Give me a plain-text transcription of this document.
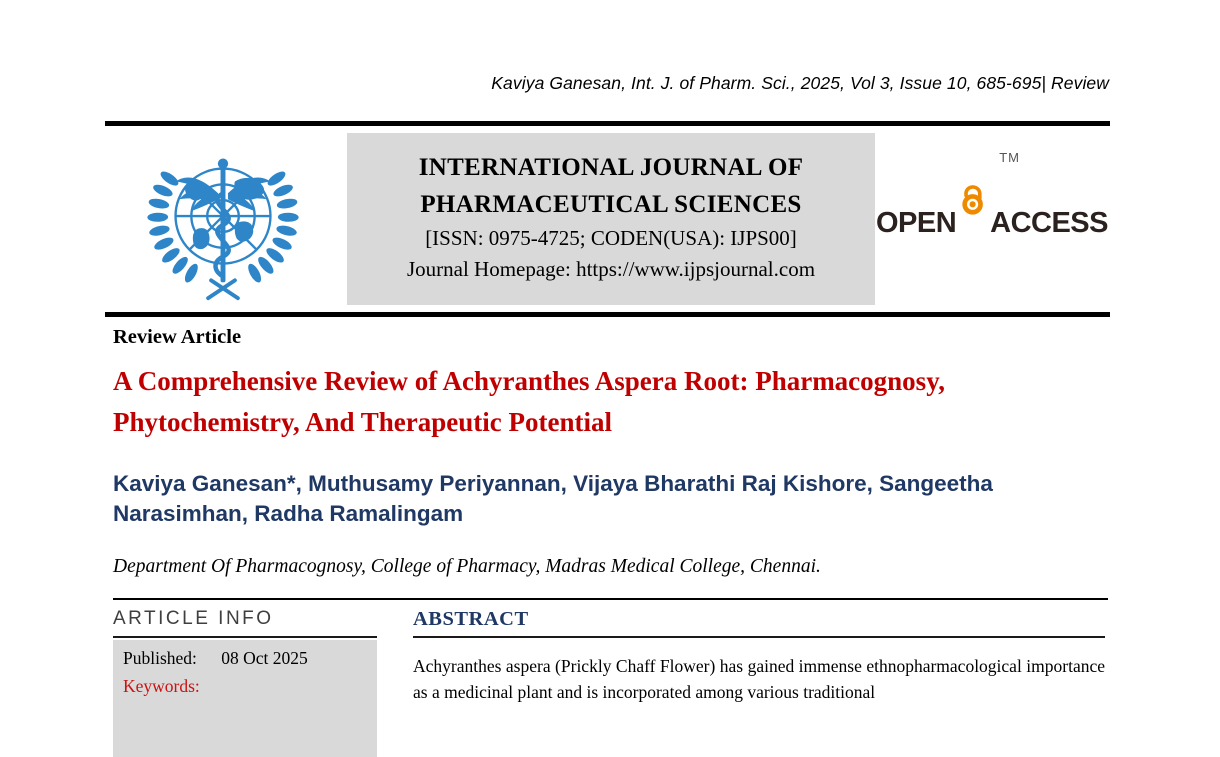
Kaviya Ganesan, Int. J. of Pharm. Sci., 2025, Vol 3, Issue 10, 685-695| Review
INTERNATIONAL JOURNAL OF
PHARMACEUTICAL SCIENCES
[ISSN: 0975-4725; CODEN(USA): IJPS00]
Journal Homepage: https://www.ijpsjournal.com
TM
OPEN ACCESS
Review Article
A Comprehensive Review of Achyranthes Aspera Root: Pharmacognosy, Phytochemistry, And Therapeutic Potential
Kaviya Ganesan*, Muthusamy Periyannan, Vijaya Bharathi Raj Kishore, Sangeetha Narasimhan, Radha Ramalingam
Department Of Pharmacognosy, College of Pharmacy, Madras Medical College, Chennai.
ARTICLE INFO
Published: 08 Oct 2025
Keywords:
ABSTRACT

Achyranthes aspera (Prickly Chaff Flower) has gained immense ethnopharmacological importance as a medicinal plant and is incorporated among various traditional
